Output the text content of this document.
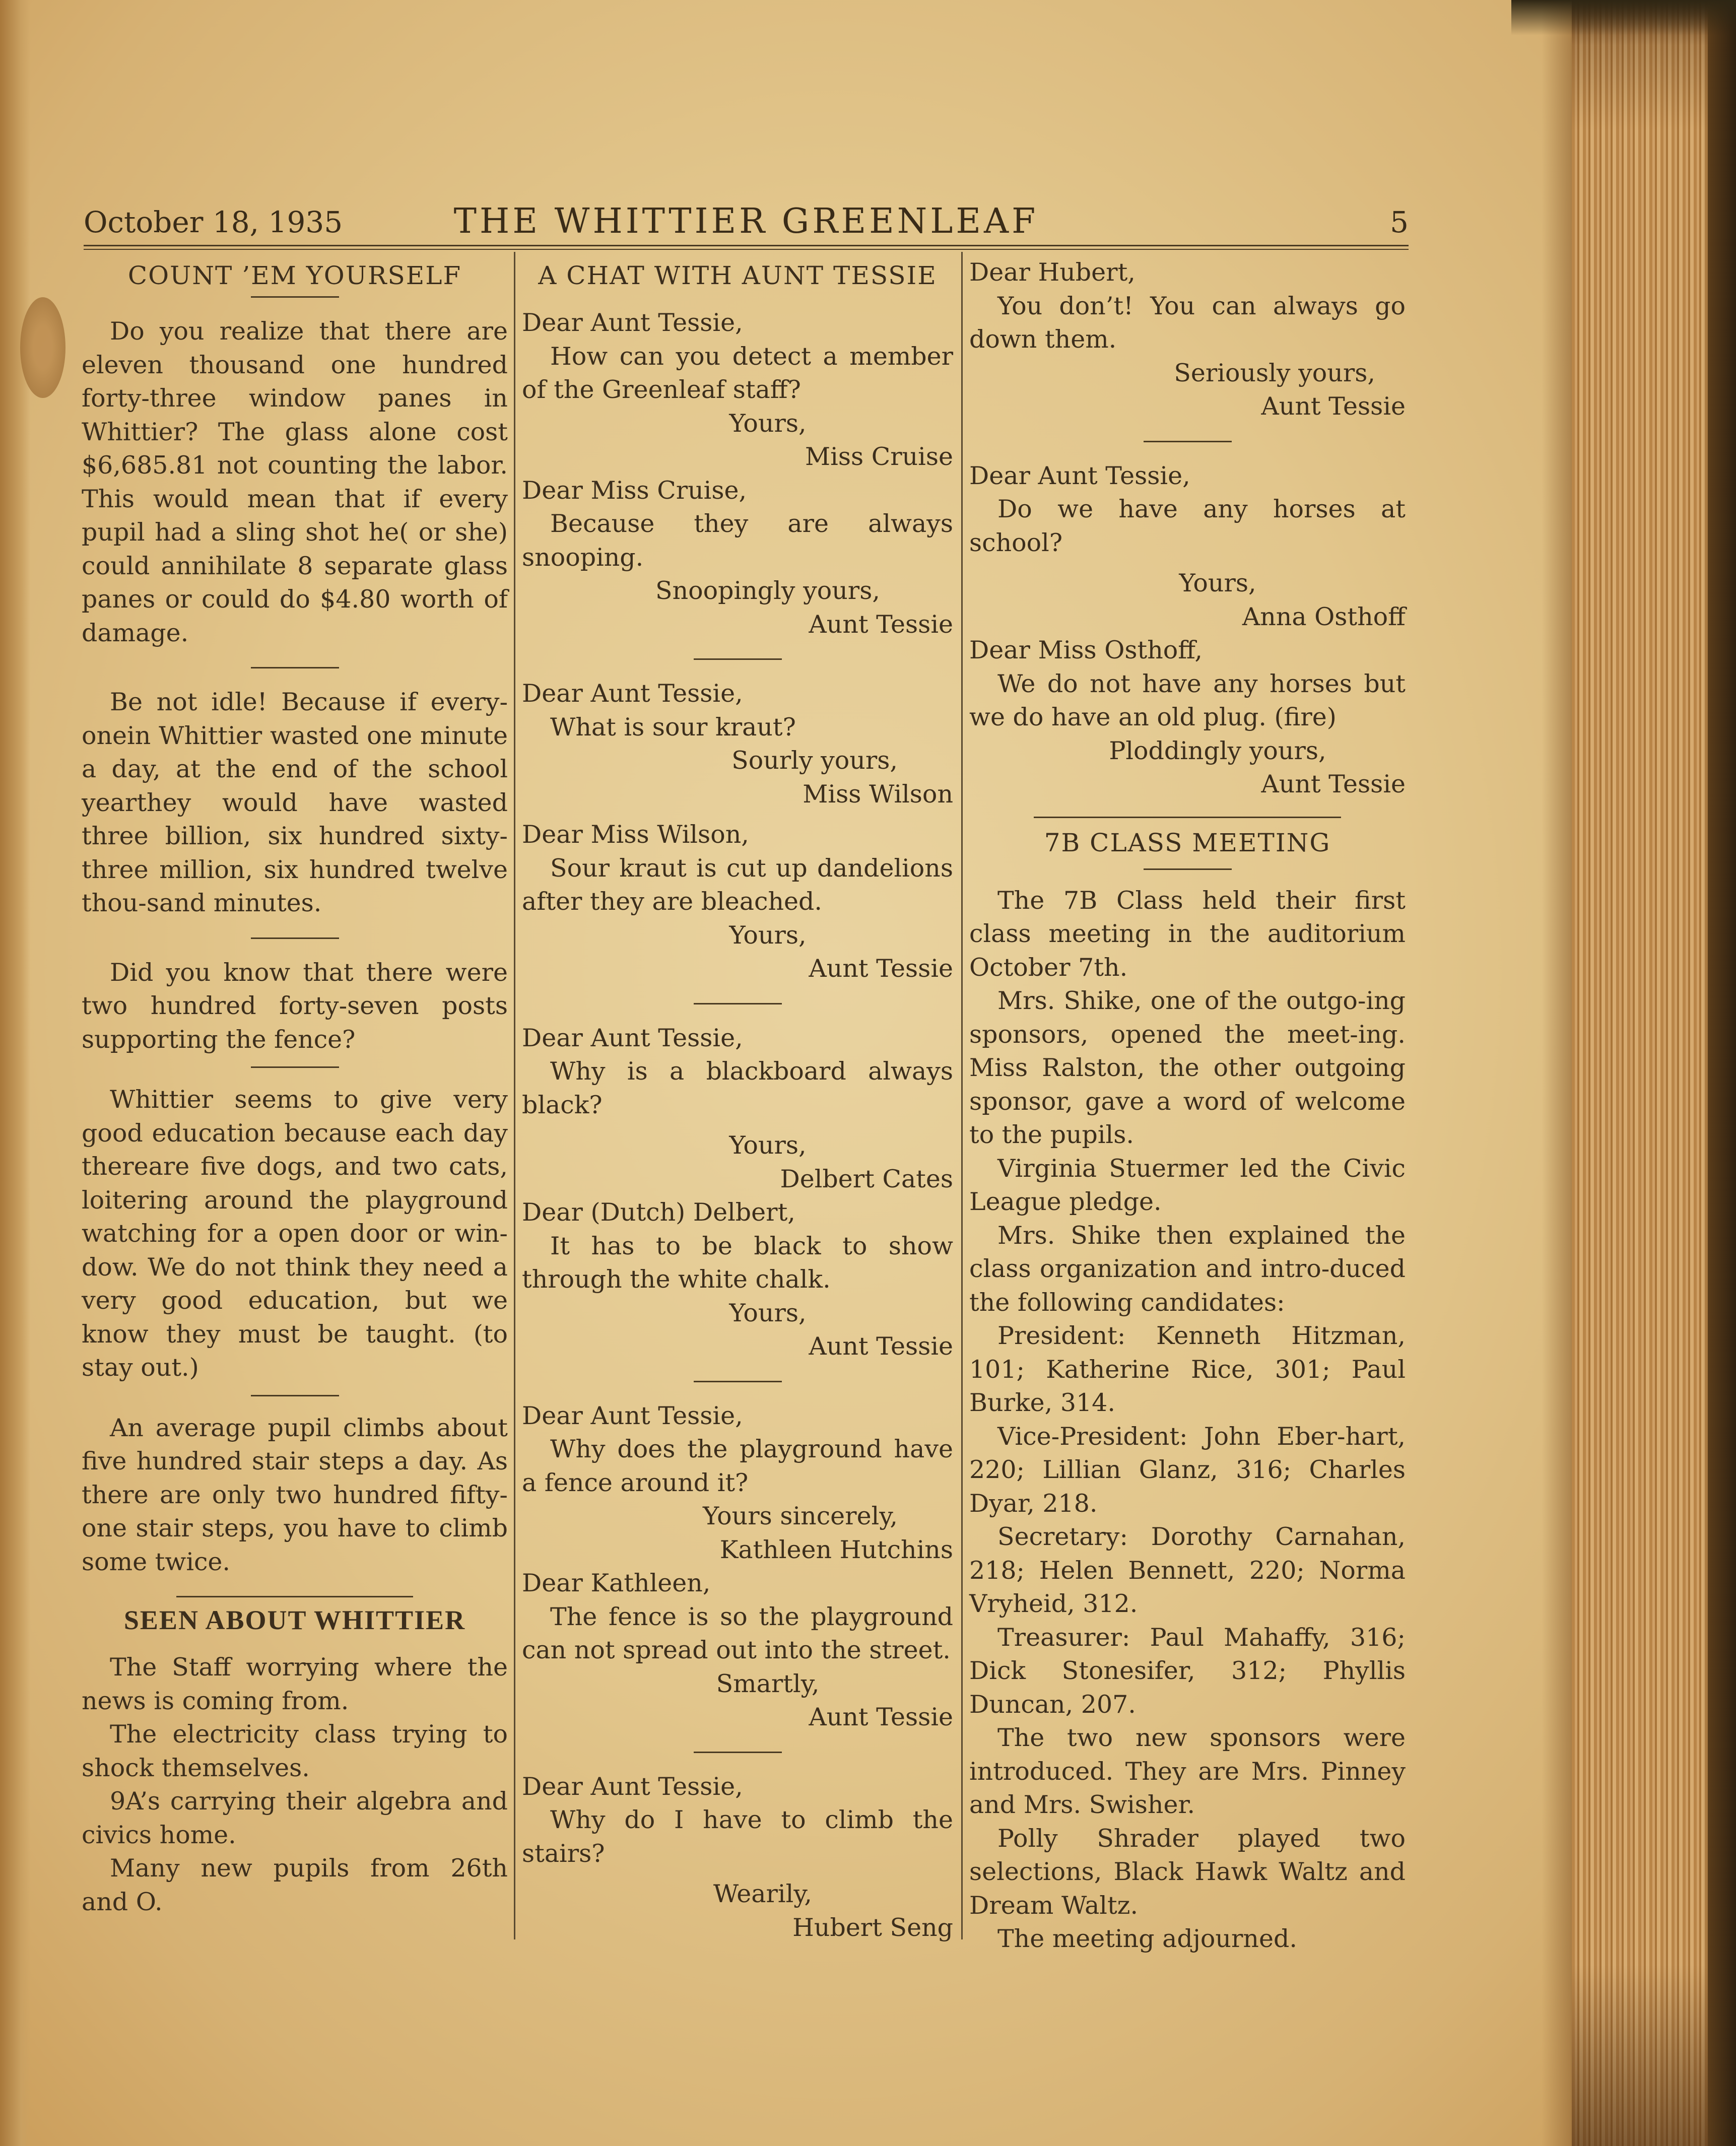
October 18, 1935	THE WHITTIER GREENLEAF	5
COUNT ’EM YOURSELF

Do you realize that there are eleven thousand one hundred forty-three window panes in Whittier? The glass alone cost $6,685.81 not counting the labor. This would mean that if every pupil had a sling shot he( or she) could annihilate 8 separate glass panes or could do $4.80 worth of damage.

Be not idle! Because if every-onein Whittier wasted one minute a day, at the end of the school yearthey would have wasted three billion, six hundred sixty-three million, six hundred twelve thou-sand minutes.

Did you know that there were two hundred forty-seven posts supporting the fence?

Whittier seems to give very good education because each day thereare five dogs, and two cats, loitering around the playground watching for a open door or win-dow. We do not think they need a very good education, but we know they must be taught. (to stay out.)

An average pupil climbs about five hundred stair steps a day. As there are only two hundred fifty-one stair steps, you have to climb some twice.

SEEN ABOUT WHITTIER

The Staff worrying where the news is coming from.

The electricity class trying to shock themselves.

9A’s carrying their algebra and civics home.

Many new pupils from 26th and O.

A CHAT WITH AUNT TESSIE

Dear Aunt Tessie,

How can you detect a member of the Greenleaf staff?

Yours,

Miss Cruise

Dear Miss Cruise,

Because they are always snooping.

Snoopingly yours,

Aunt Tessie

Dear Aunt Tessie,

What is sour kraut?

Sourly yours,

Miss Wilson

Dear Miss Wilson,

Sour kraut is cut up dandelions after they are bleached.

Yours,

Aunt Tessie

Dear Aunt Tessie,

Why is a blackboard always black?

Yours,

Delbert Cates

Dear (Dutch) Delbert,

It has to be black to show through the white chalk.

Yours,

Aunt Tessie

Dear Aunt Tessie,

Why does the playground have a fence around it?

Yours sincerely,

Kathleen Hutchins

Dear Kathleen,

The fence is so the playground can not spread out into the street.

Smartly,

Aunt Tessie

Dear Aunt Tessie,

Why do I have to climb the stairs?

Wearily,

Hubert Seng

Dear Hubert,

You don’t! You can always go down them.

Seriously yours,

Aunt Tessie

Dear Aunt Tessie,

Do we have any horses at school?

Yours,

Anna Osthoff

Dear Miss Osthoff,

We do not have any horses but we do have an old plug. (fire)

Ploddingly yours,

Aunt Tessie

7B CLASS MEETING

The 7B Class held their first class meeting in the auditorium October 7th.

Mrs. Shike, one of the outgo-ing sponsors, opened the meet-ing. Miss Ralston, the other outgoing sponsor, gave a word of welcome to the pupils.

Virginia Stuermer led the Civic League pledge.

Mrs. Shike then explained the class organization and intro-duced the following candidates:

President: Kenneth Hitzman, 101; Katherine Rice, 301; Paul Burke, 314.

Vice-President: John Eber-hart, 220; Lillian Glanz, 316; Charles Dyar, 218.

Secretary: Dorothy Carnahan, 218; Helen Bennett, 220; Norma Vryheid, 312.

Treasurer: Paul Mahaffy, 316; Dick Stonesifer, 312; Phyllis Duncan, 207.

The two new sponsors were introduced. They are Mrs. Pinney and Mrs. Swisher.

Polly Shrader played two selections, Black Hawk Waltz and Dream Waltz.

The meeting adjourned.
